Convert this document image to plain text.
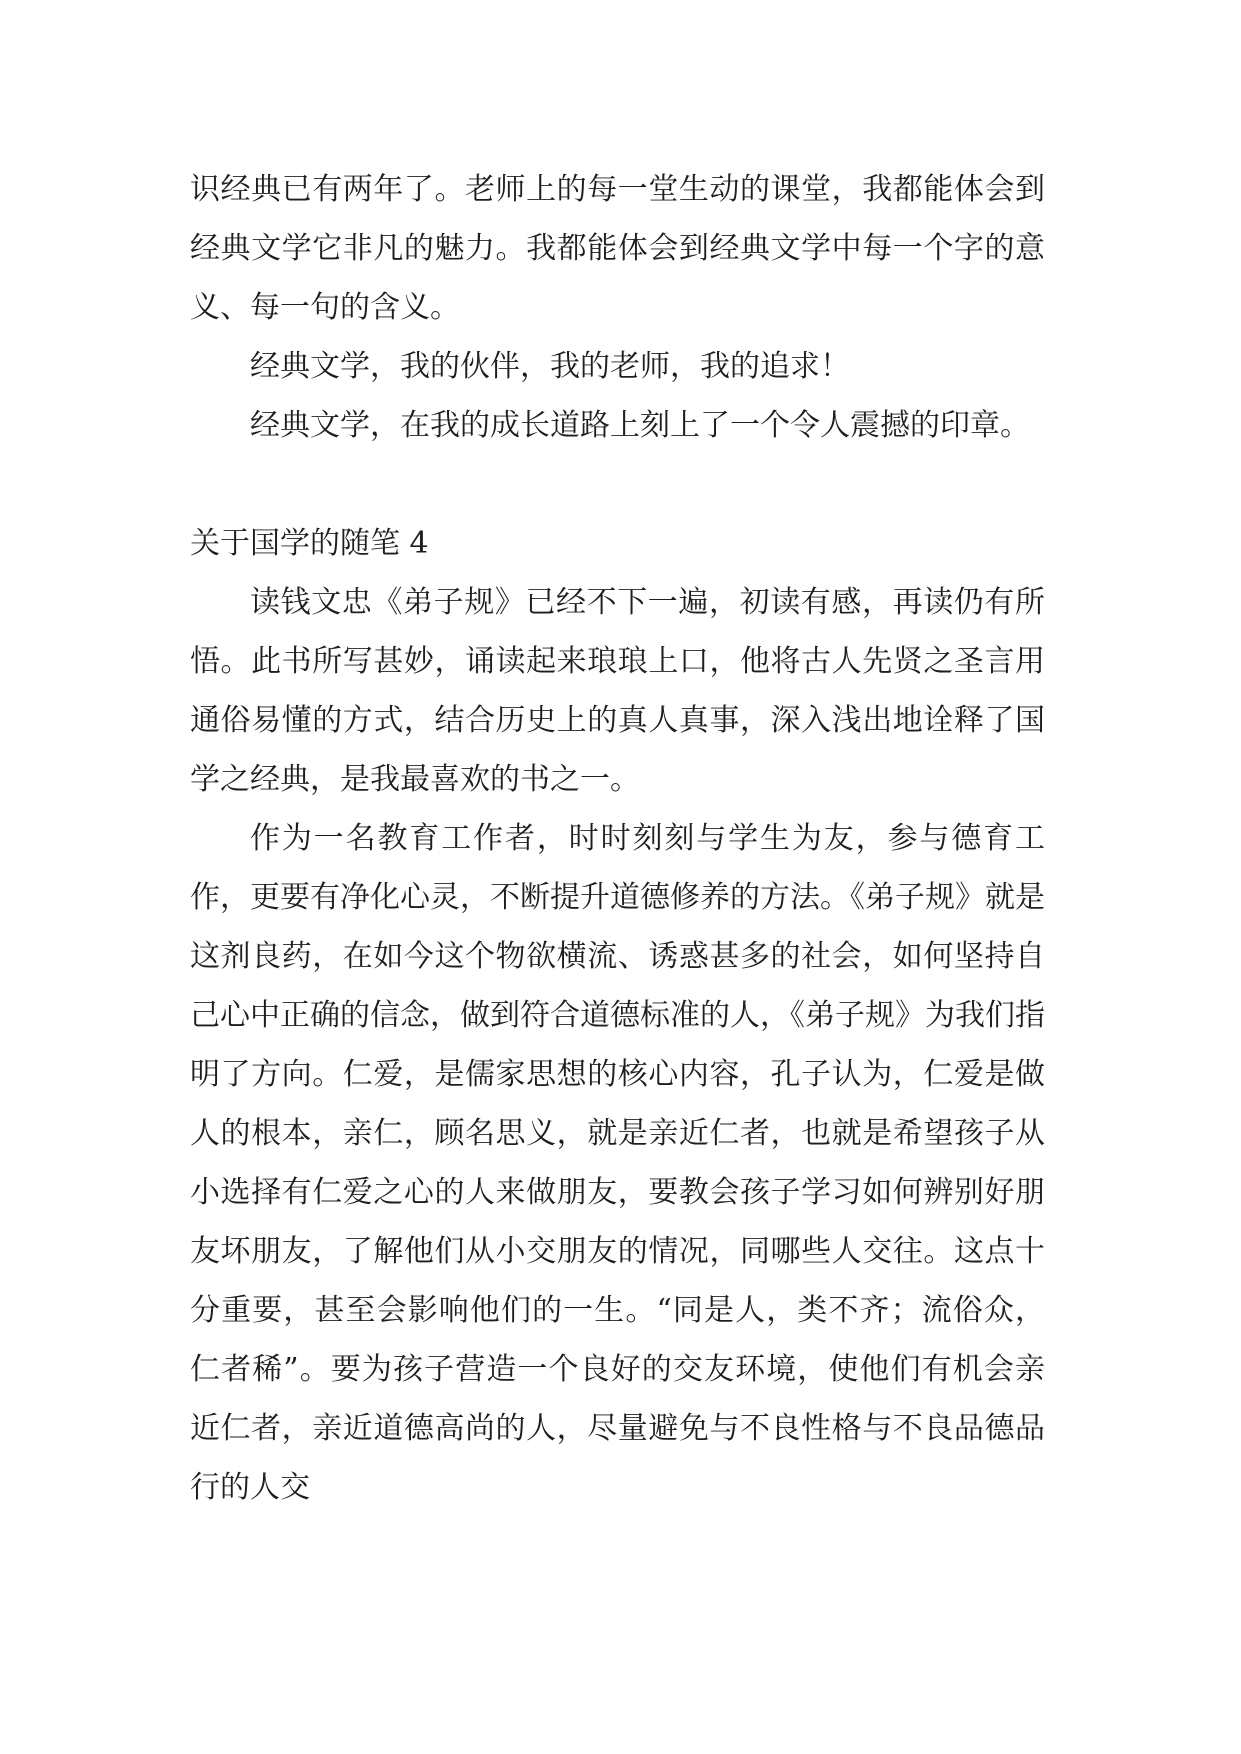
识经典已有两年了。老师上的每一堂生动的课堂，我都能体会到经典文学它非凡的魅力。我都能体会到经典文学中每一个字的意义、每一句的含义。

经典文学，我的伙伴，我的老师，我的追求！

经典文学，在我的成长道路上刻上了一个令人震撼的印章。

关于国学的随笔 4

读钱文忠《弟子规》已经不下一遍，初读有感，再读仍有所悟。此书所写甚妙，诵读起来琅琅上口，他将古人先贤之圣言用通俗易懂的方式，结合历史上的真人真事，深入浅出地诠释了国学之经典，是我最喜欢的书之一。

作为一名教育工作者，时时刻刻与学生为友，参与德育工作，更要有净化心灵，不断提升道德修养的方法。《弟子规》就是这剂良药，在如今这个物欲横流、诱惑甚多的社会，如何坚持自己心中正确的信念，做到符合道德标准的人，《弟子规》为我们指明了方向。仁爱，是儒家思想的核心内容，孔子认为，仁爱是做人的根本，亲仁，顾名思义，就是亲近仁者，也就是希望孩子从小选择有仁爱之心的人来做朋友，要教会孩子学习如何辨别好朋友坏朋友，了解他们从小交朋友的情况，同哪些人交往。这点十分重要，甚至会影响他们的一生。“同是人，类不齐；流俗众，仁者稀”。要为孩子营造一个良好的交友环境，使他们有机会亲近仁者，亲近道德高尚的人，尽量避免与不良性格与不良品德品行的人交
